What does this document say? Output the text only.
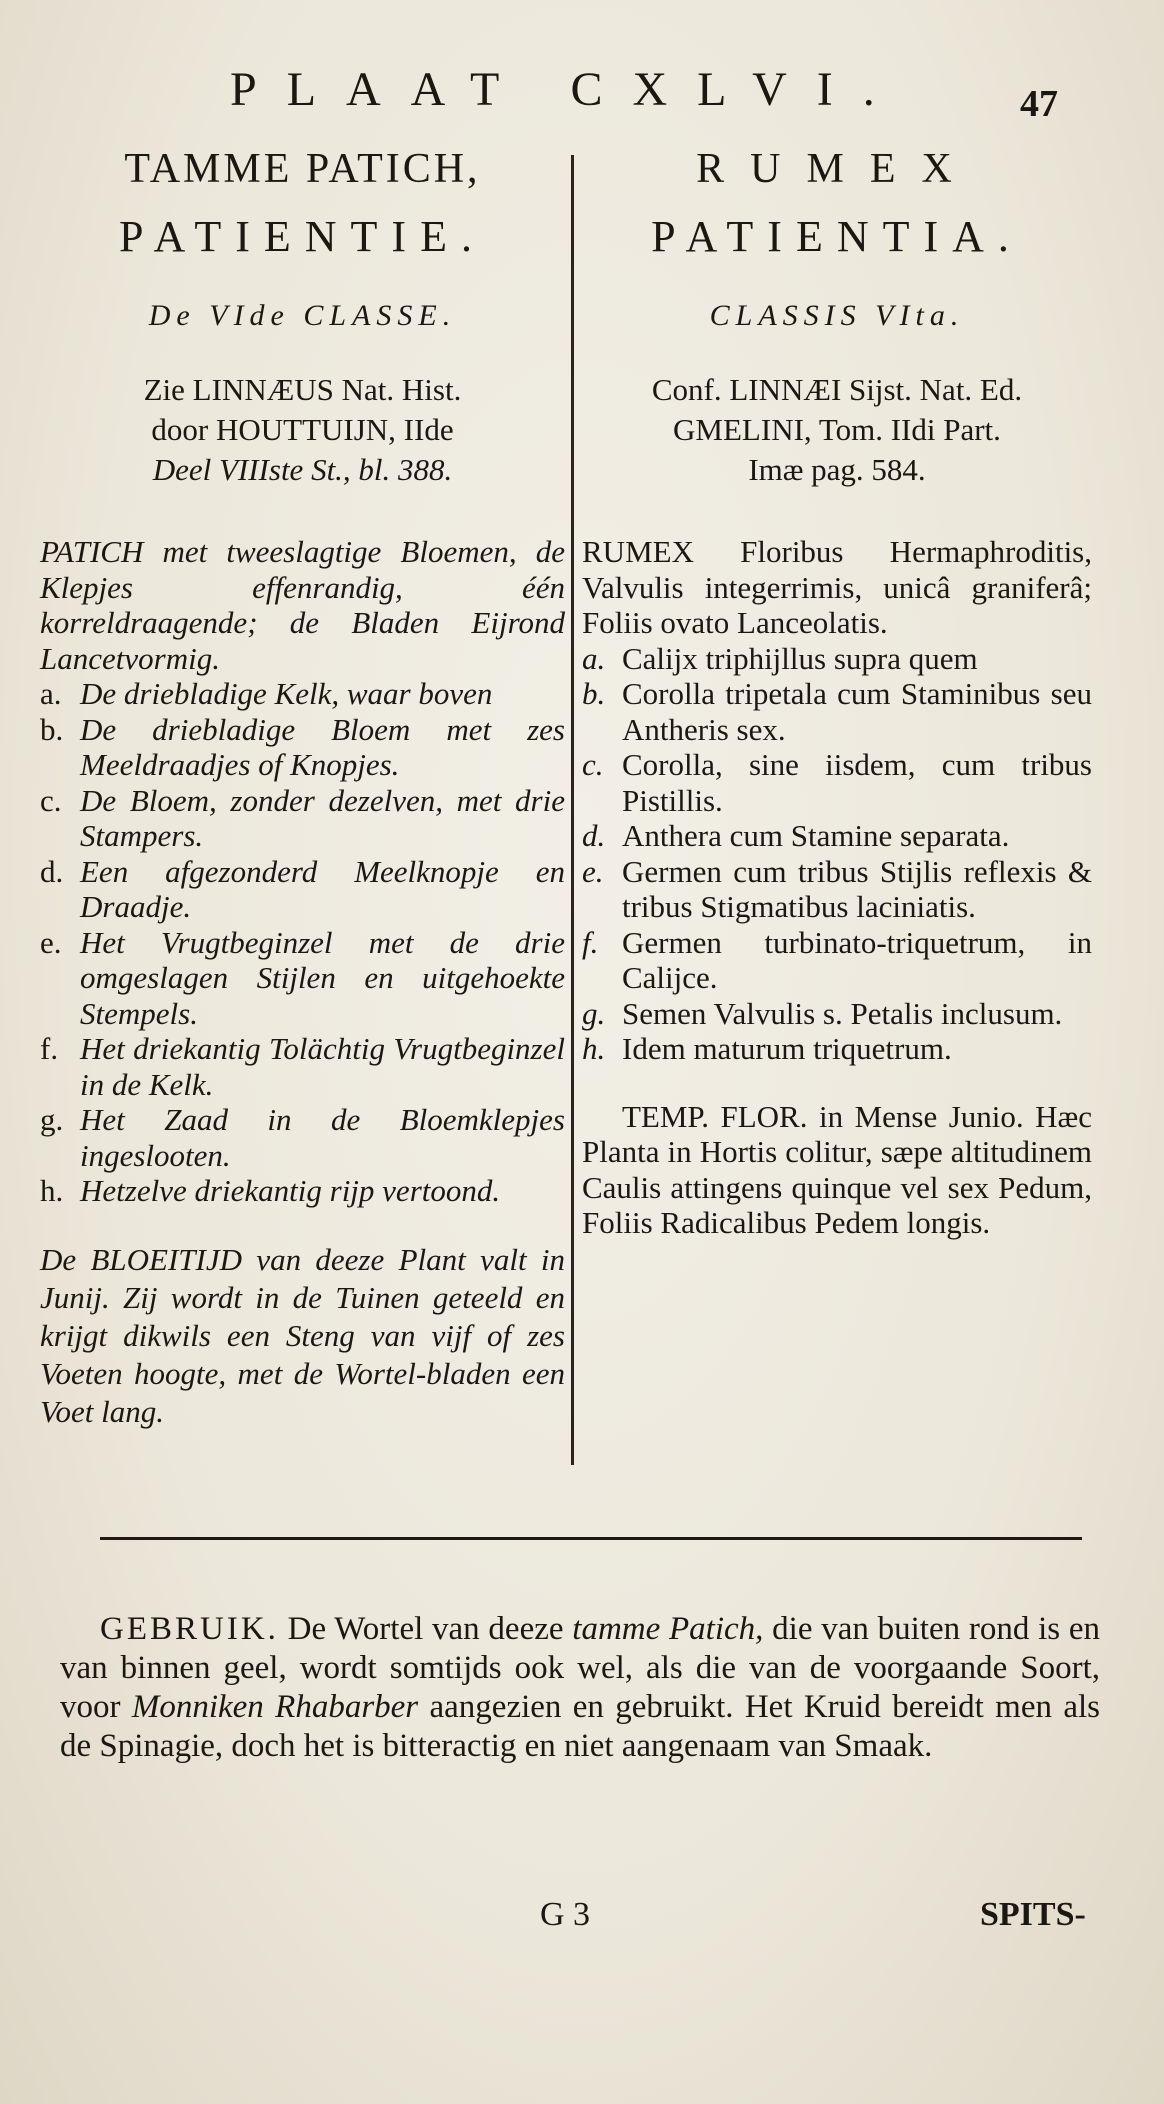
PLAAT CXLVI.	47
TAMME PATICH,
PATIENTIE.
De VIde CLASSE.
Zie LINNÆUS Nat. Hist.
door HOUTTUIJN, IIde
Deel VIIIste St., bl. 388.
PATICH met tweeslagtige Bloemen, de Klepjes effenrandig, één korreldraagende; de Bladen Eijrond Lancetvormig.
a. De driebladige Kelk, waar boven
b. De driebladige Bloem met zes Meeldraadjes of Knopjes.
c. De Bloem, zonder dezelven, met drie Stampers.
d. Een afgezonderd Meelknopje en Draadje.
e. Het Vrugtbeginzel met de drie omgeslagen Stijlen en uitgehoekte Stempels.
f. Het driekantig Tolächtig Vrugtbeginzel in de Kelk.
g. Het Zaad in de Bloemklepjes ingeslooten.
h. Hetzelve driekantig rijp vertoond.
De BLOEITIJD van deeze Plant valt in Junij. Zij wordt in de Tuinen geteeld en krijgt dikwils een Steng van vijf of zes Voeten hoogte, met de Wortel-bladen een Voet lang.
RUMEX
PATIENTIA.
CLASSIS VIta.
Conf. LINNÆI Sijst. Nat. Ed.
GMELINI, Tom. IIdi Part.
Imæ pag. 584.
RUMEX Floribus Hermaphroditis, Valvulis integerrimis, unicâ graniferâ; Foliis ovato Lanceolatis.
a. Calijx triphijllus supra quem
b. Corolla tripetala cum Staminibus seu Antheris sex.
c. Corolla, sine iisdem, cum tribus Pistillis.
d. Anthera cum Stamine separata.
e. Germen cum tribus Stijlis reflexis & tribus Stigmatibus laciniatis.
f. Germen turbinato-triquetrum, in Calijce.
g. Semen Valvulis s. Petalis inclusum.
h. Idem maturum triquetrum.
TEMP. FLOR. in Mense Junio. Hæc Planta in Hortis colitur, sæpe altitudinem Caulis attingens quinque vel sex Pedum, Foliis Radicalibus Pedem longis.
GEBRUIK. De Wortel van deeze tamme Patich, die van buiten rond is en van binnen geel, wordt somtijds ook wel, als die van de voorgaande Soort, voor Monniken Rhabarber aangezien en gebruikt. Het Kruid bereidt men als de Spinagie, doch het is bitteractig en niet aangenaam van Smaak.
G 3	SPITS-
